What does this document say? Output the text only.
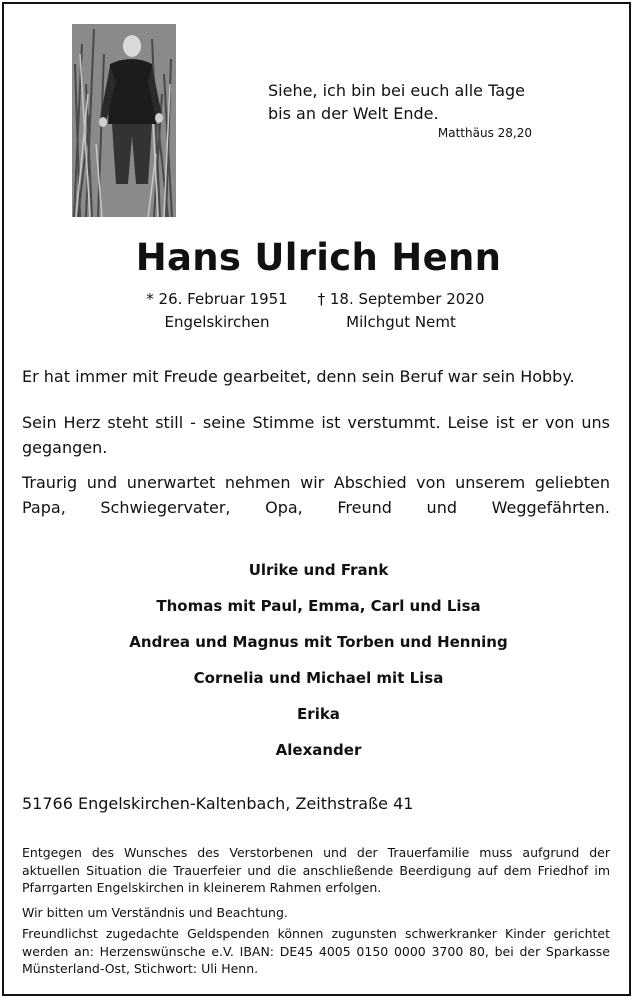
Siehe, ich bin bei euch alle Tage
bis an der Welt Ende.
Matthäus 28,20
Hans Ulrich Henn
* 26. Februar 1951
Engelskirchen
† 18. September 2020
Milchgut Nemt
Er hat immer mit Freude gearbeitet, denn sein Beruf war sein Hobby.
Sein Herz steht still - seine Stimme ist verstummt. Leise ist er von uns gegangen.
Traurig und unerwartet nehmen wir Abschied von unserem geliebten Papa, Schwiegervater, Opa, Freund und Weggefährten.
Ulrike und Frank
Thomas mit Paul, Emma, Carl und Lisa
Andrea und Magnus mit Torben und Henning
Cornelia und Michael mit Lisa
Erika
Alexander
51766 Engelskirchen-Kaltenbach, Zeithstraße 41
Entgegen des Wunsches des Verstorbenen und der Trauerfamilie muss aufgrund der aktuellen Situation die Trauerfeier und die anschließende Beerdigung auf dem Friedhof im Pfarrgarten Engelskirchen in kleinerem Rahmen erfolgen.
Wir bitten um Verständnis und Beachtung.
Freundlichst zugedachte Geldspenden können zugunsten schwerkranker Kinder gerichtet werden an: Herzenswünsche e.V. IBAN: DE45 4005 0150 0000 3700 80, bei der Sparkasse Münsterland-Ost, Stichwort: Uli Henn.
